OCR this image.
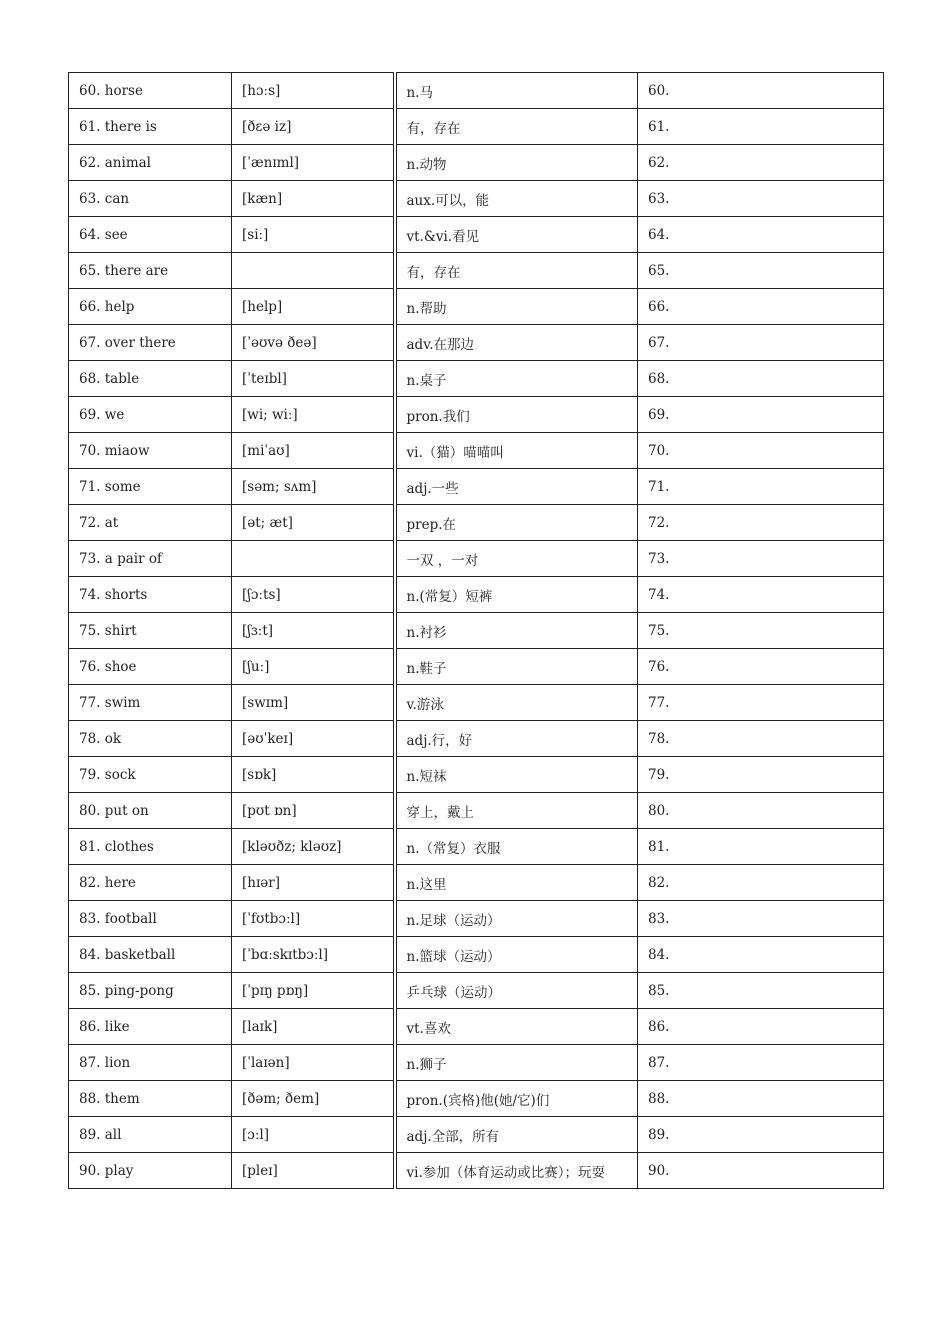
60. horse	[hɔːs]	n.马	60.
61. there is	[ðɛə iz]	有，存在	61.
62. animal	[ˈænɪml]	n.动物	62.
63. can	[kæn]	aux.可以，能	63.
64. see	[siː]	vt.&vi.看见	64.
65. there are		有，存在	65.
66. help	[help]	n.帮助	66.
67. over there	[ˈəʊvə ðeə]	adv.在那边	67.
68. table	[ˈteɪbl]	n.桌子	68.
69. we	[wi; wiː]	pron.我们	69.
70. miaow	[miˈaʊ]	vi.（猫）喵喵叫	70.
71. some	[səm; sʌm]	adj.一些	71.
72. at	[ət; æt]	prep.在	72.
73. a pair of		一双 ，一对	73.
74. shorts	[ʃɔːts]	n.(常复）短裤	74.
75. shirt	[ʃɜːt]	n.衬衫	75.
76. shoe	[ʃuː]	n.鞋子	76.
77. swim	[swɪm]	v.游泳	77.
78. ok	[əʊˈkeɪ]	adj.行，好	78.
79. sock	[sɒk]	n.短袜	79.
80. put on	[pʊt ɒn]	穿上，戴上	80.
81. clothes	[kləʊðz; kləʊz]	n.（常复）衣服	81.
82. here	[hɪər]	n.这里	82.
83. football	[ˈfʊtbɔːl]	n.足球（运动）	83.
84. basketball	[ˈbɑːskɪtbɔːl]	n.篮球（运动）	84.
85. ping-pong	[ˈpɪŋ pɒŋ]	乒乓球（运动）	85.
86. like	[laɪk]	vt.喜欢	86.
87. lion	[ˈlaɪən]	n.狮子	87.
88. them	[ðəm; ðem]	pron.(宾格)他(她/它)们	88.
89. all	[ɔːl]	adj.全部，所有	89.
90. play	[pleɪ]	vi.参加（体育运动或比赛）；玩耍	90.
